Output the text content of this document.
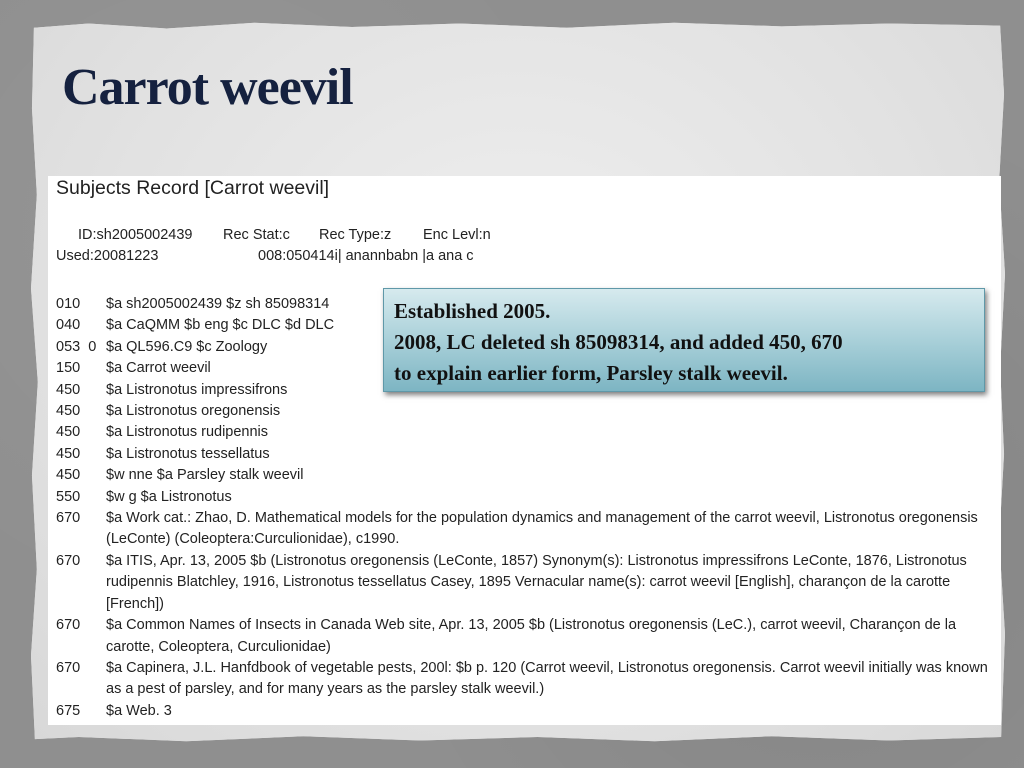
Carrot weevil
Subjects Record [Carrot weevil]
ID:sh2005002439 Rec Stat:c Rec Type:z Enc Levl:n
Used:20081223	008:050414i| anannbabn |a ana c
010	$a sh2005002439 $z sh 85098314
040	$a CaQMM $b eng $c DLC $d DLC
053  0 $a QL596.C9 $c Zoology
150	$a Carrot weevil
450	$a Listronotus impressifrons
450	$a Listronotus oregonensis
450	$a Listronotus rudipennis
450	$a Listronotus tessellatus
450	$w nne $a Parsley stalk weevil
550	$w g $a Listronotus
670	$a Work cat.: Zhao, D. Mathematical models for the population dynamics and management of the carrot weevil, Listronotus oregonensis (LeConte) (Coleoptera:Curculionidae), c1990.
670	$a ITIS, Apr. 13, 2005 $b (Listronotus oregonensis (LeConte, 1857) Synonym(s): Listronotus impressifrons LeConte, 1876, Listronotus rudipennis Blatchley, 1916, Listronotus tessellatus Casey, 1895 Vernacular name(s): carrot weevil [English], charançon de la carotte [French])
670	$a Common Names of Insects in Canada Web site, Apr. 13, 2005 $b (Listronotus oregonensis (LeC.), carrot weevil, Charançon de la carotte, Coleoptera, Curculionidae)
670	$a Capinera, J.L. Hanfdbook of vegetable pests, 200l: $b p. 120 (Carrot weevil, Listronotus oregonensis. Carrot weevil initially was known as a pest of parsley, and for many years as the parsley stalk weevil.)
675	$a Web. 3
Established 2005.
2008, LC deleted sh 85098314, and added 450, 670
to explain earlier form, Parsley stalk weevil.
